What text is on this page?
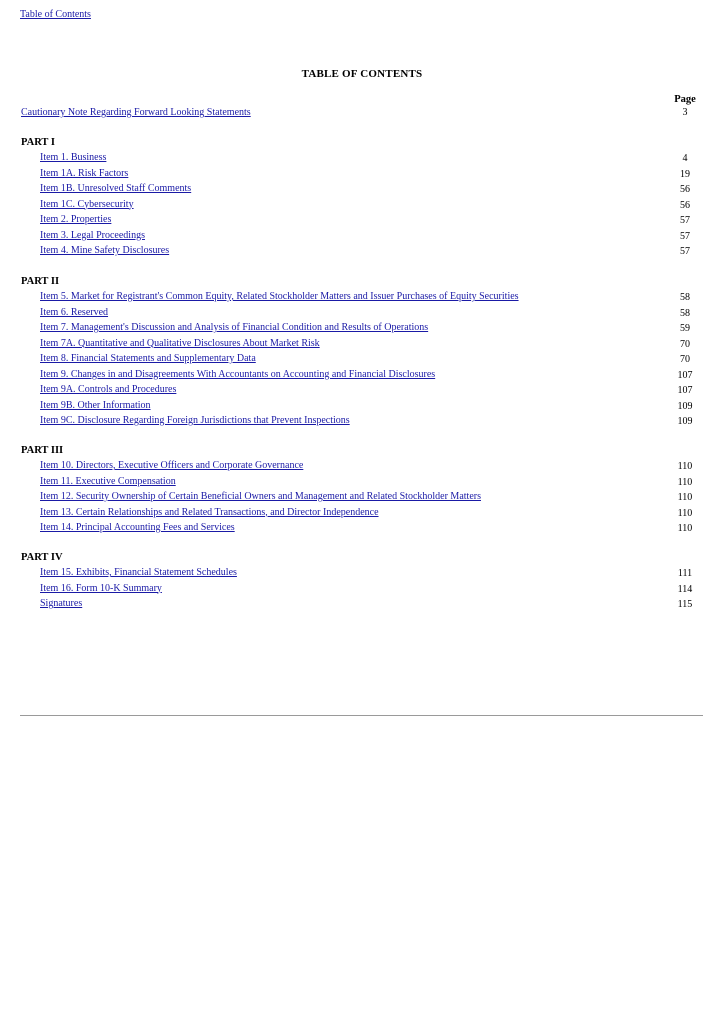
Table of Contents
TABLE OF CONTENTS
Page
Cautionary Note Regarding Forward Looking Statements	3
PART I
Item 1. Business	4
Item 1A. Risk Factors	19
Item 1B. Unresolved Staff Comments	56
Item 1C. Cybersecurity	56
Item 2. Properties	57
Item 3. Legal Proceedings	57
Item 4. Mine Safety Disclosures	57
PART II
Item 5. Market for Registrant's Common Equity, Related Stockholder Matters and Issuer Purchases of Equity Securities	58
Item 6. Reserved	58
Item 7. Management's Discussion and Analysis of Financial Condition and Results of Operations	59
Item 7A. Quantitative and Qualitative Disclosures About Market Risk	70
Item 8. Financial Statements and Supplementary Data	70
Item 9. Changes in and Disagreements With Accountants on Accounting and Financial Disclosures	107
Item 9A. Controls and Procedures	107
Item 9B. Other Information	109
Item 9C. Disclosure Regarding Foreign Jurisdictions that Prevent Inspections	109
PART III
Item 10. Directors, Executive Officers and Corporate Governance	110
Item 11. Executive Compensation	110
Item 12. Security Ownership of Certain Beneficial Owners and Management and Related Stockholder Matters	110
Item 13. Certain Relationships and Related Transactions, and Director Independence	110
Item 14. Principal Accounting Fees and Services	110
PART IV
Item 15. Exhibits, Financial Statement Schedules	111
Item 16. Form 10-K Summary	114
Signatures	115
